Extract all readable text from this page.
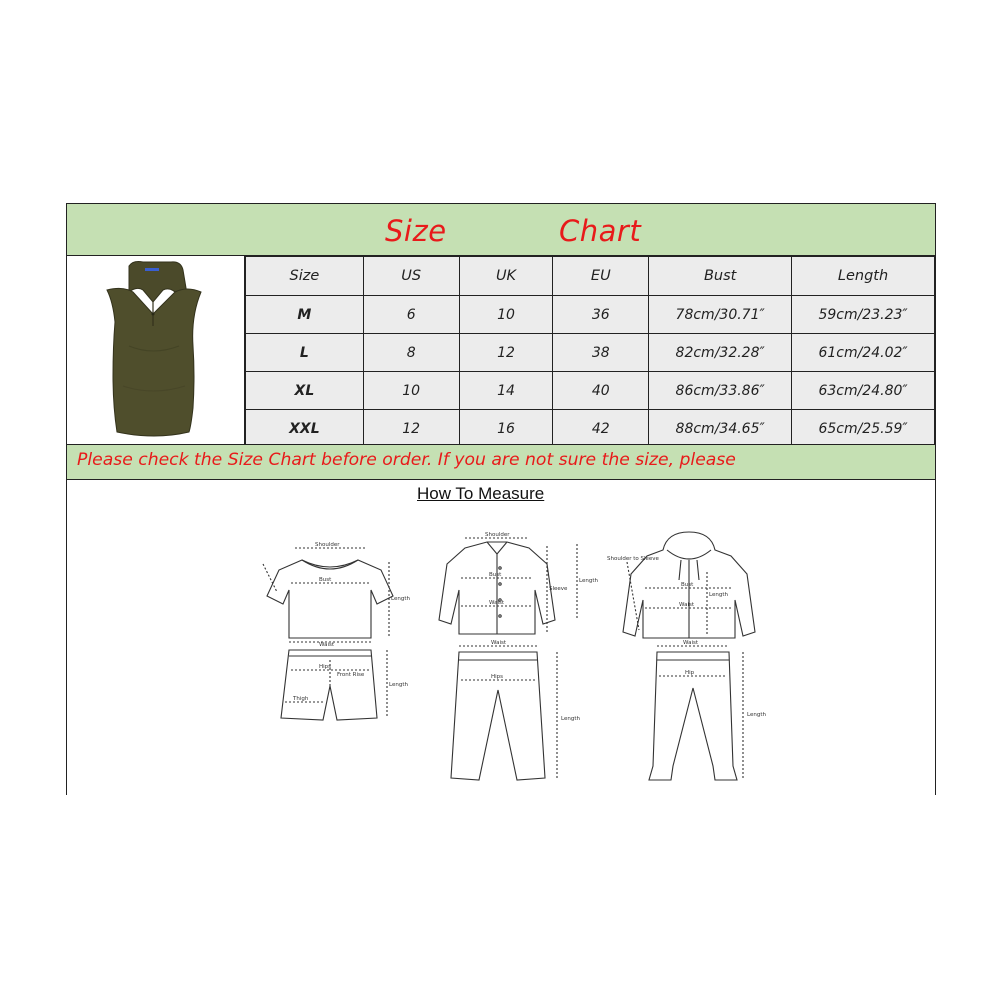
Size	Chart
Size	US	UK	EU	Bust	Length
M	6	10	36	78cm/30.71″	59cm/23.23″
L	8	12	38	82cm/32.28″	61cm/24.02″
XL	10	14	40	86cm/33.86″	63cm/24.80″
XXL	12	16	42	88cm/34.65″	65cm/25.59″
Please check the Size Chart before order. If you are not sure the size, please
How To Measure
Shoulder
Bust
Length
Waist
Hips
Front Rise
Thigh
Length
Shoulder
Bust
Waist
Sleeve
Length
Waist
Hips
Length
Bust
Waist
Length
Shoulder to Sleeve
Waist
Hip
Length
